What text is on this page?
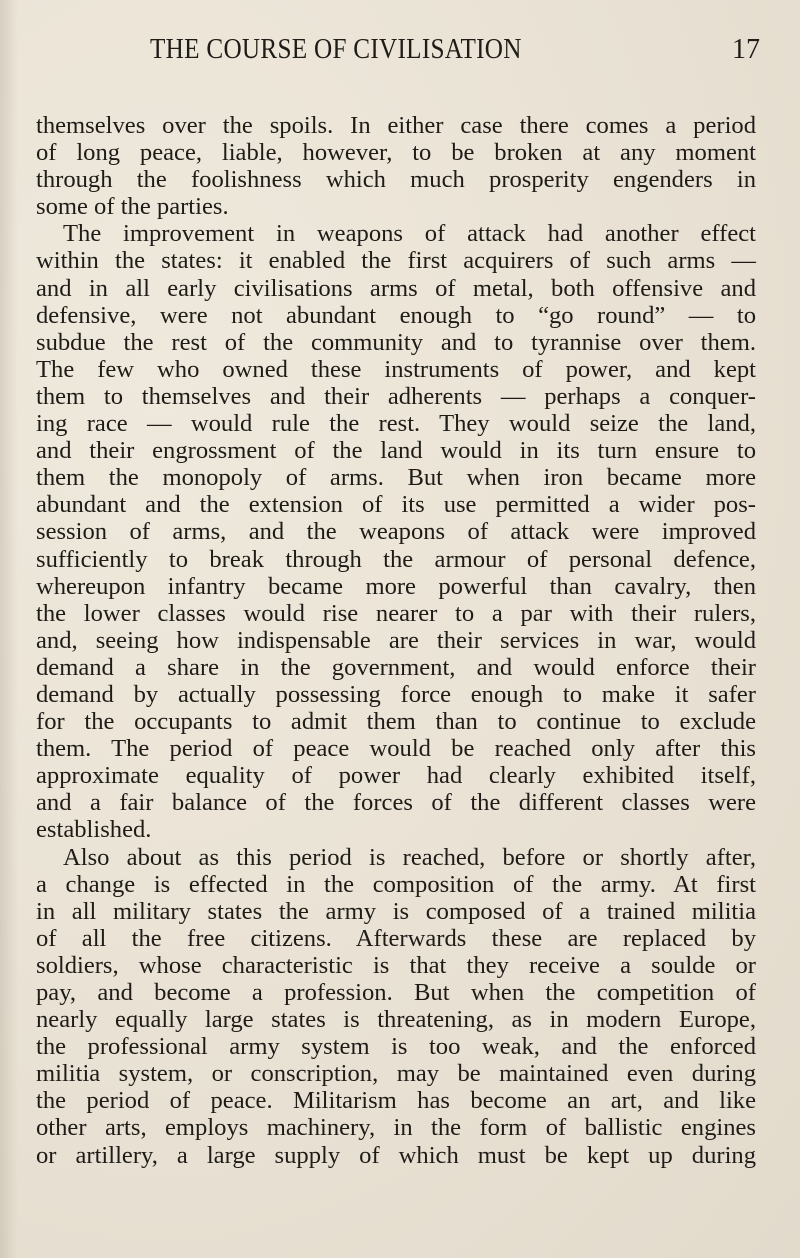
THE COURSE OF CIVILISATION	17
themselves over the spoils. In either case there comes a period
of long peace, liable, however, to be broken at any moment
through the foolishness which much prosperity engenders in
some of the parties.
The improvement in weapons of attack had another effect
within the states: it enabled the first acquirers of such arms —
and in all early civilisations arms of metal, both offensive and
defensive, were not abundant enough to “go round” — to
subdue the rest of the community and to tyrannise over them.
The few who owned these instruments of power, and kept
them to themselves and their adherents — perhaps a conquer-
ing race — would rule the rest. They would seize the land,
and their engrossment of the land would in its turn ensure to
them the monopoly of arms. But when iron became more
abundant and the extension of its use permitted a wider pos-
session of arms, and the weapons of attack were improved
sufficiently to break through the armour of personal defence,
whereupon infantry became more powerful than cavalry, then
the lower classes would rise nearer to a par with their rulers,
and, seeing how indispensable are their services in war, would
demand a share in the government, and would enforce their
demand by actually possessing force enough to make it safer
for the occupants to admit them than to continue to exclude
them. The period of peace would be reached only after this
approximate equality of power had clearly exhibited itself,
and a fair balance of the forces of the different classes were
established.
Also about as this period is reached, before or shortly after,
a change is effected in the composition of the army. At first
in all military states the army is composed of a trained militia
of all the free citizens. Afterwards these are replaced by
soldiers, whose characteristic is that they receive a soulde or
pay, and become a profession. But when the competition of
nearly equally large states is threatening, as in modern Europe,
the professional army system is too weak, and the enforced
militia system, or conscription, may be maintained even during
the period of peace. Militarism has become an art, and like
other arts, employs machinery, in the form of ballistic engines
or artillery, a large supply of which must be kept up during
